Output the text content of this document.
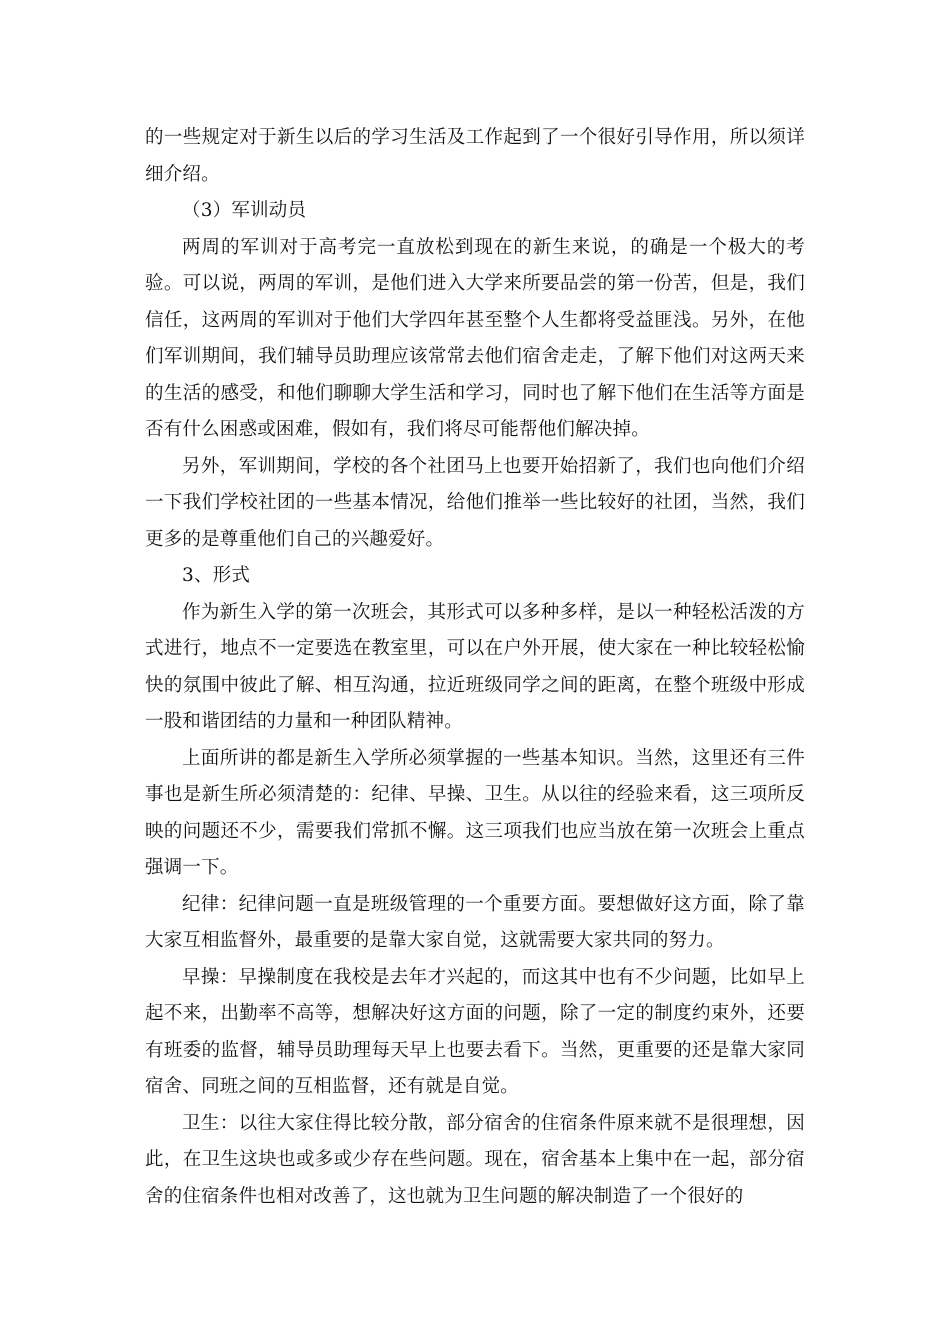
的一些规定对于新生以后的学习生活及工作起到了一个很好引导作用，所以须详细介绍。

（3）军训动员

两周的军训对于高考完一直放松到现在的新生来说，的确是一个极大的考验。可以说，两周的军训，是他们进入大学来所要品尝的第一份苦，但是，我们信任，这两周的军训对于他们大学四年甚至整个人生都将受益匪浅。另外，在他们军训期间，我们辅导员助理应该常常去他们宿舍走走，了解下他们对这两天来的生活的感受，和他们聊聊大学生活和学习，同时也了解下他们在生活等方面是否有什么困惑或困难，假如有，我们将尽可能帮他们解决掉。

另外，军训期间，学校的各个社团马上也要开始招新了，我们也向他们介绍一下我们学校社团的一些基本情况，给他们推举一些比较好的社团，当然，我们更多的是尊重他们自己的兴趣爱好。

3、形式

作为新生入学的第一次班会，其形式可以多种多样，是以一种轻松活泼的方式进行，地点不一定要选在教室里，可以在户外开展，使大家在一种比较轻松愉快的氛围中彼此了解、相互沟通，拉近班级同学之间的距离，在整个班级中形成一股和谐团结的力量和一种团队精神。

上面所讲的都是新生入学所必须掌握的一些基本知识。当然，这里还有三件事也是新生所必须清楚的：纪律、早操、卫生。从以往的经验来看，这三项所反映的问题还不少，需要我们常抓不懈。这三项我们也应当放在第一次班会上重点强调一下。

纪律：纪律问题一直是班级管理的一个重要方面。要想做好这方面，除了靠大家互相监督外，最重要的是靠大家自觉，这就需要大家共同的努力。

早操：早操制度在我校是去年才兴起的，而这其中也有不少问题，比如早上起不来，出勤率不高等，想解决好这方面的问题，除了一定的制度约束外，还要有班委的监督，辅导员助理每天早上也要去看下。当然，更重要的还是靠大家同宿舍、同班之间的互相监督，还有就是自觉。

卫生：以往大家住得比较分散，部分宿舍的住宿条件原来就不是很理想，因此，在卫生这块也或多或少存在些问题。现在，宿舍基本上集中在一起，部分宿舍的住宿条件也相对改善了，这也就为卫生问题的解决制造了一个很好的
